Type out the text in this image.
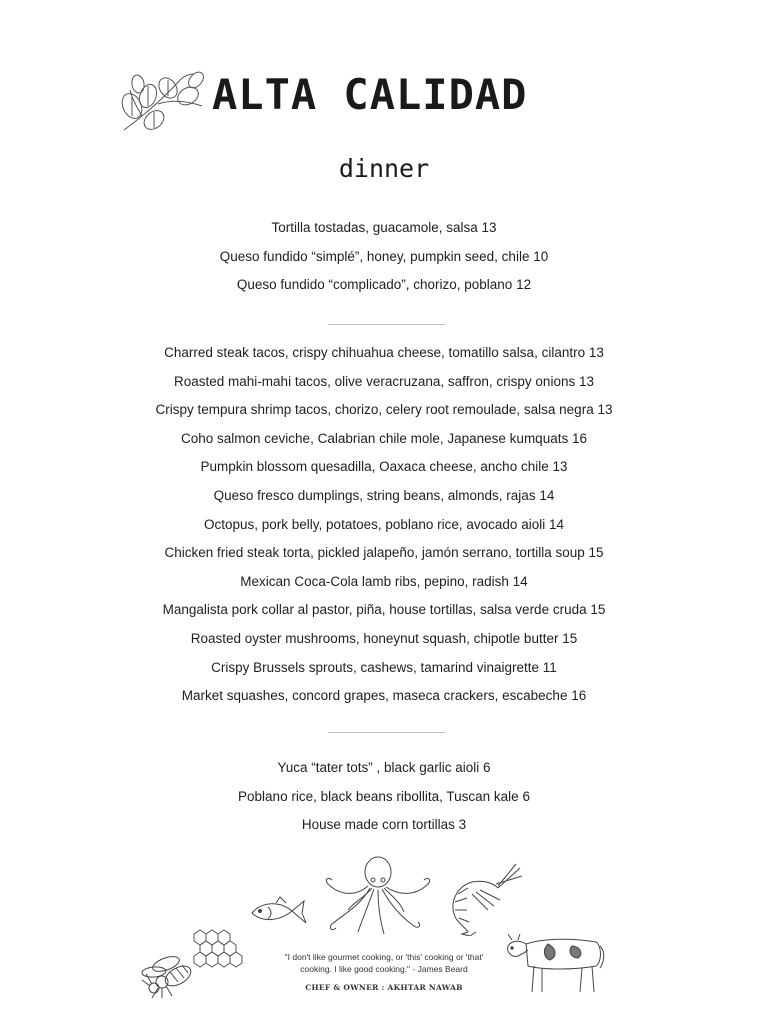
ALTA CALIDAD
dinner
Tortilla tostadas, guacamole, salsa 13
Queso fundido “simplé”, honey, pumpkin seed, chile 10
Queso fundido “complicado”, chorizo, poblano 12
Charred steak tacos, crispy chihuahua cheese, tomatillo salsa, cilantro 13
Roasted mahi-mahi tacos, olive veracruzana, saffron, crispy onions 13
Crispy tempura shrimp tacos, chorizo, celery root remoulade, salsa negra 13
Coho salmon ceviche, Calabrian chile mole, Japanese kumquats 16
Pumpkin blossom quesadilla, Oaxaca cheese, ancho chile 13
Queso fresco dumplings, string beans, almonds, rajas 14
Octopus, pork belly, potatoes, poblano rice, avocado aioli 14
Chicken fried steak torta, pickled jalapeño, jamón serrano, tortilla soup 15
Mexican Coca-Cola lamb ribs, pepino, radish 14
Mangalista pork collar al pastor, piña, house tortillas, salsa verde cruda 15
Roasted oyster mushrooms, honeynut squash, chipotle butter 15
Crispy Brussels sprouts, cashews, tamarind vinaigrette 11
Market squashes, concord grapes, maseca crackers, escabeche 16
Yuca “tater tots” , black garlic aioli 6
Poblano rice, black beans ribollita, Tuscan kale 6
House made corn tortillas 3
"I don't like gourmet cooking, or 'this' cooking or 'that' cooking. I like good cooking." - James Beard
CHEF & OWNER : AKHTAR NAWAB
